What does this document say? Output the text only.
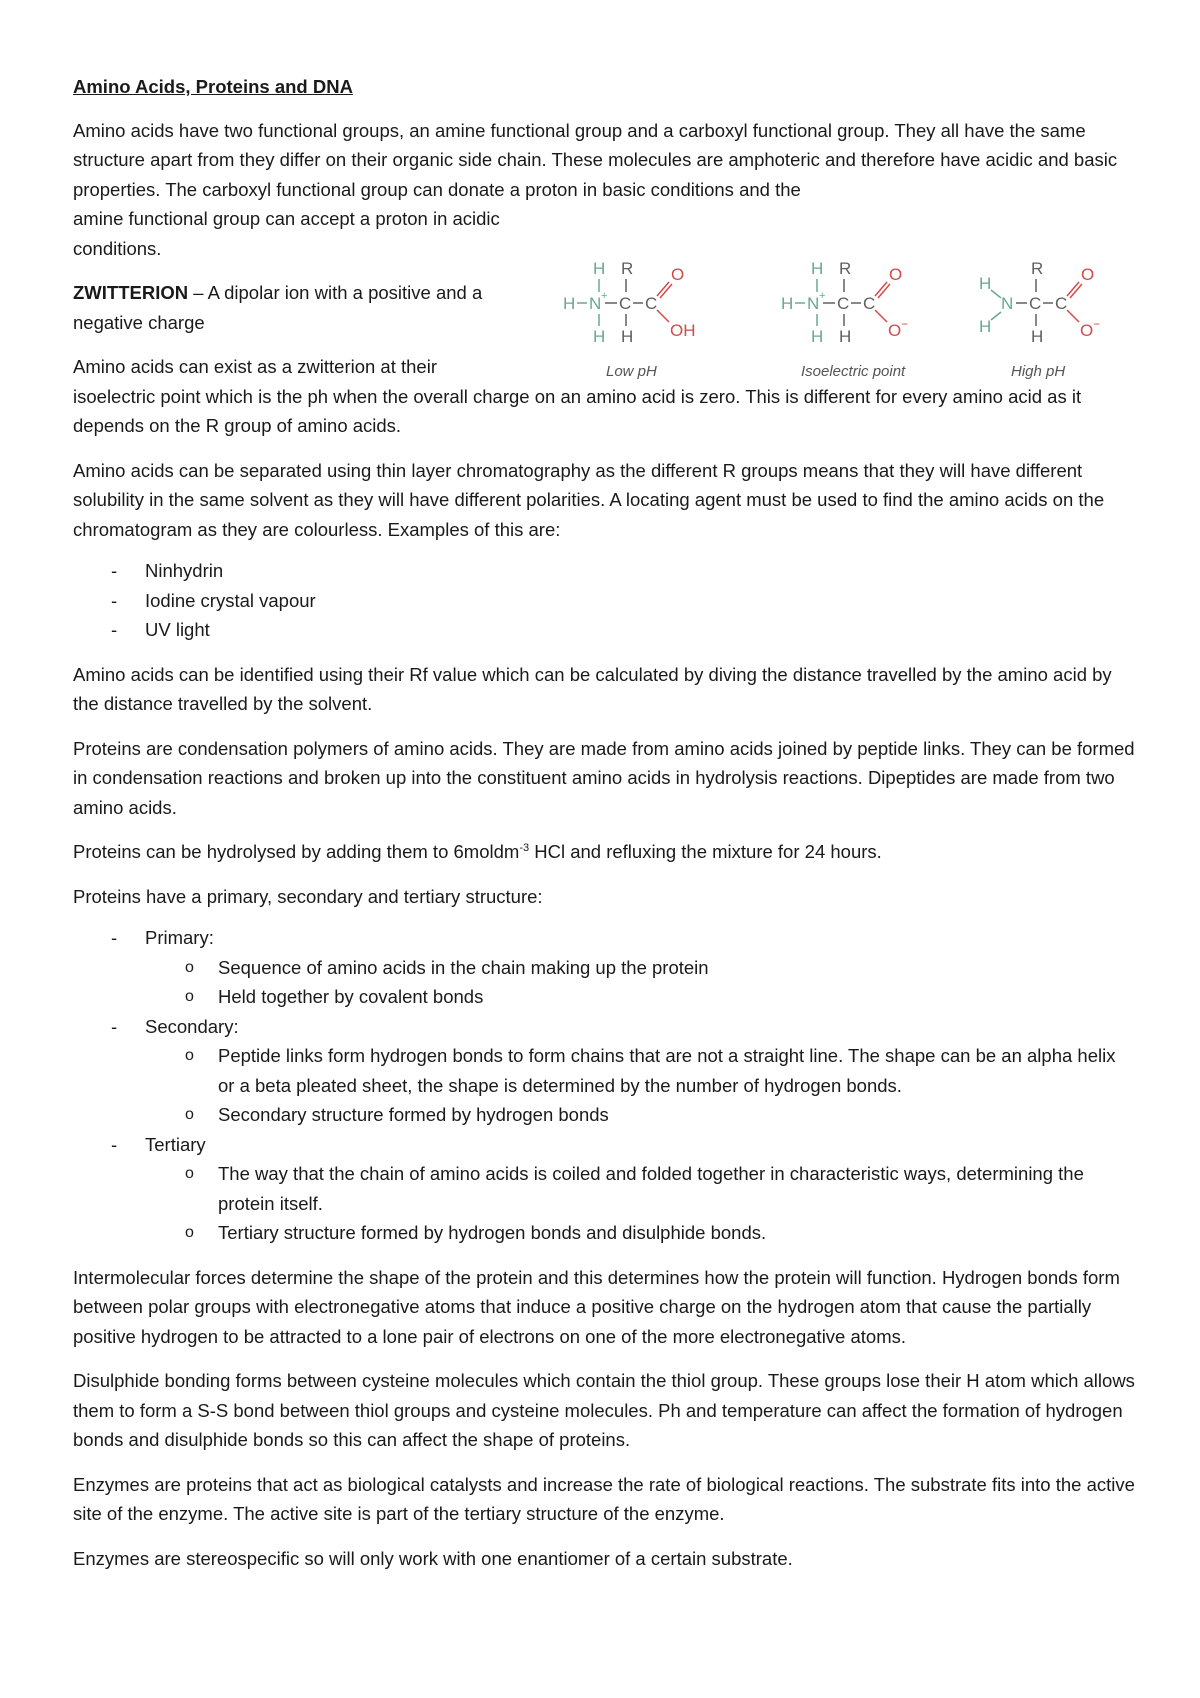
Amino Acids, Proteins and DNA

Amino acids have two functional groups, an amine functional group and a carboxyl functional group. They all have the same structure apart from they differ on their organic side chain. These molecules are amphoteric and therefore have acidic and basic properties. The carboxyl functional group can donate a proton in basic conditions and the

amine functional group can accept a proton in acidic conditions.

ZWITTERION – A dipolar ion with a positive and a negative charge

Amino acids can exist as a zwitterion at their

isoelectric point which is the ph when the overall charge on an amino acid is zero. This is different for every amino acid as it depends on the R group of amino acids.

H R
H N + C C
O
OH
H H
Low pH
H R
H N + C C
O
O −
H H
Isoelectric point
R
H
N
H
C C
O
O −
H
High pH

Amino acids can be separated using thin layer chromatography as the different R groups means that they will have different solubility in the same solvent as they will have different polarities. A locating agent must be used to find the amino acids on the chromatogram as they are colourless. Examples of this are:

- Ninhydrin
- Iodine crystal vapour
- UV light

Amino acids can be identified using their Rf value which can be calculated by diving the distance travelled by the amino acid by the distance travelled by the solvent.

Proteins are condensation polymers of amino acids. They are made from amino acids joined by peptide links. They can be formed in condensation reactions and broken up into the constituent amino acids in hydrolysis reactions. Dipeptides are made from two amino acids.

Proteins can be hydrolysed by adding them to 6moldm$^{-3}$ HCl and refluxing the mixture for 24 hours.

Proteins have a primary, secondary and tertiary structure:

- Primary:
o Sequence of amino acids in the chain making up the protein
o Held together by covalent bonds
- Secondary:
o Peptide links form hydrogen bonds to form chains that are not a straight line. The shape can be an alpha helix or a beta pleated sheet, the shape is determined by the number of hydrogen bonds.
o Secondary structure formed by hydrogen bonds
- Tertiary
o The way that the chain of amino acids is coiled and folded together in characteristic ways, determining the protein itself.
o Tertiary structure formed by hydrogen bonds and disulphide bonds.

Intermolecular forces determine the shape of the protein and this determines how the protein will function. Hydrogen bonds form between polar groups with electronegative atoms that induce a positive charge on the hydrogen atom that cause the partially positive hydrogen to be attracted to a lone pair of electrons on one of the more electronegative atoms.

Disulphide bonding forms between cysteine molecules which contain the thiol group. These groups lose their H atom which allows them to form a S-S bond between thiol groups and cysteine molecules. Ph and temperature can affect the formation of hydrogen bonds and disulphide bonds so this can affect the shape of proteins.

Enzymes are proteins that act as biological catalysts and increase the rate of biological reactions. The substrate fits into the active site of the enzyme. The active site is part of the tertiary structure of the enzyme.

Enzymes are stereospecific so will only work with one enantiomer of a certain substrate.
